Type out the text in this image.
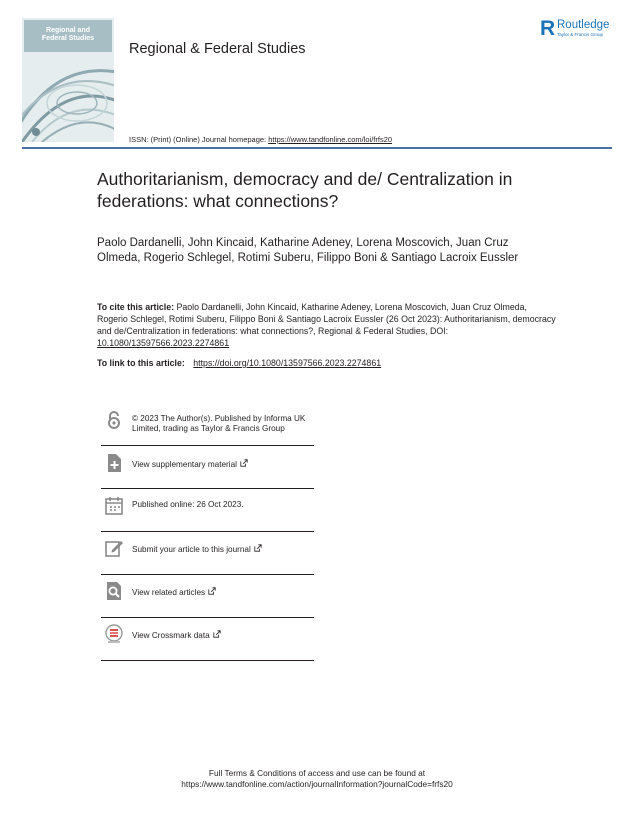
Regional and
Federal Studies
Regional & Federal Studies
R Routledge
Taylor & Francis Group
ISSN: (Print) (Online) Journal homepage: https://www.tandfonline.com/loi/frfs20
Authoritarianism, democracy and de/ Centralization in federations: what connections?
Paolo Dardanelli, John Kincaid, Katharine Adeney, Lorena Moscovich, Juan Cruz Olmeda, Rogerio Schlegel, Rotimi Suberu, Filippo Boni & Santiago Lacroix Eussler
To cite this article: Paolo Dardanelli, John Kincaid, Katharine Adeney, Lorena Moscovich, Juan Cruz Olmeda, Rogerio Schlegel, Rotimi Suberu, Filippo Boni & Santiago Lacroix Eussler (26 Oct 2023): Authoritarianism, democracy and de/Centralization in federations: what connections?, Regional & Federal Studies, DOI: 10.1080/13597566.2023.2274861
To link to this article: https://doi.org/10.1080/13597566.2023.2274861
© 2023 The Author(s). Published by Informa UK Limited, trading as Taylor & Francis Group
View supplementary material
Published online: 26 Oct 2023.
Submit your article to this journal
View related articles
View Crossmark data
Full Terms & Conditions of access and use can be found at
https://www.tandfonline.com/action/journalInformation?journalCode=frfs20
